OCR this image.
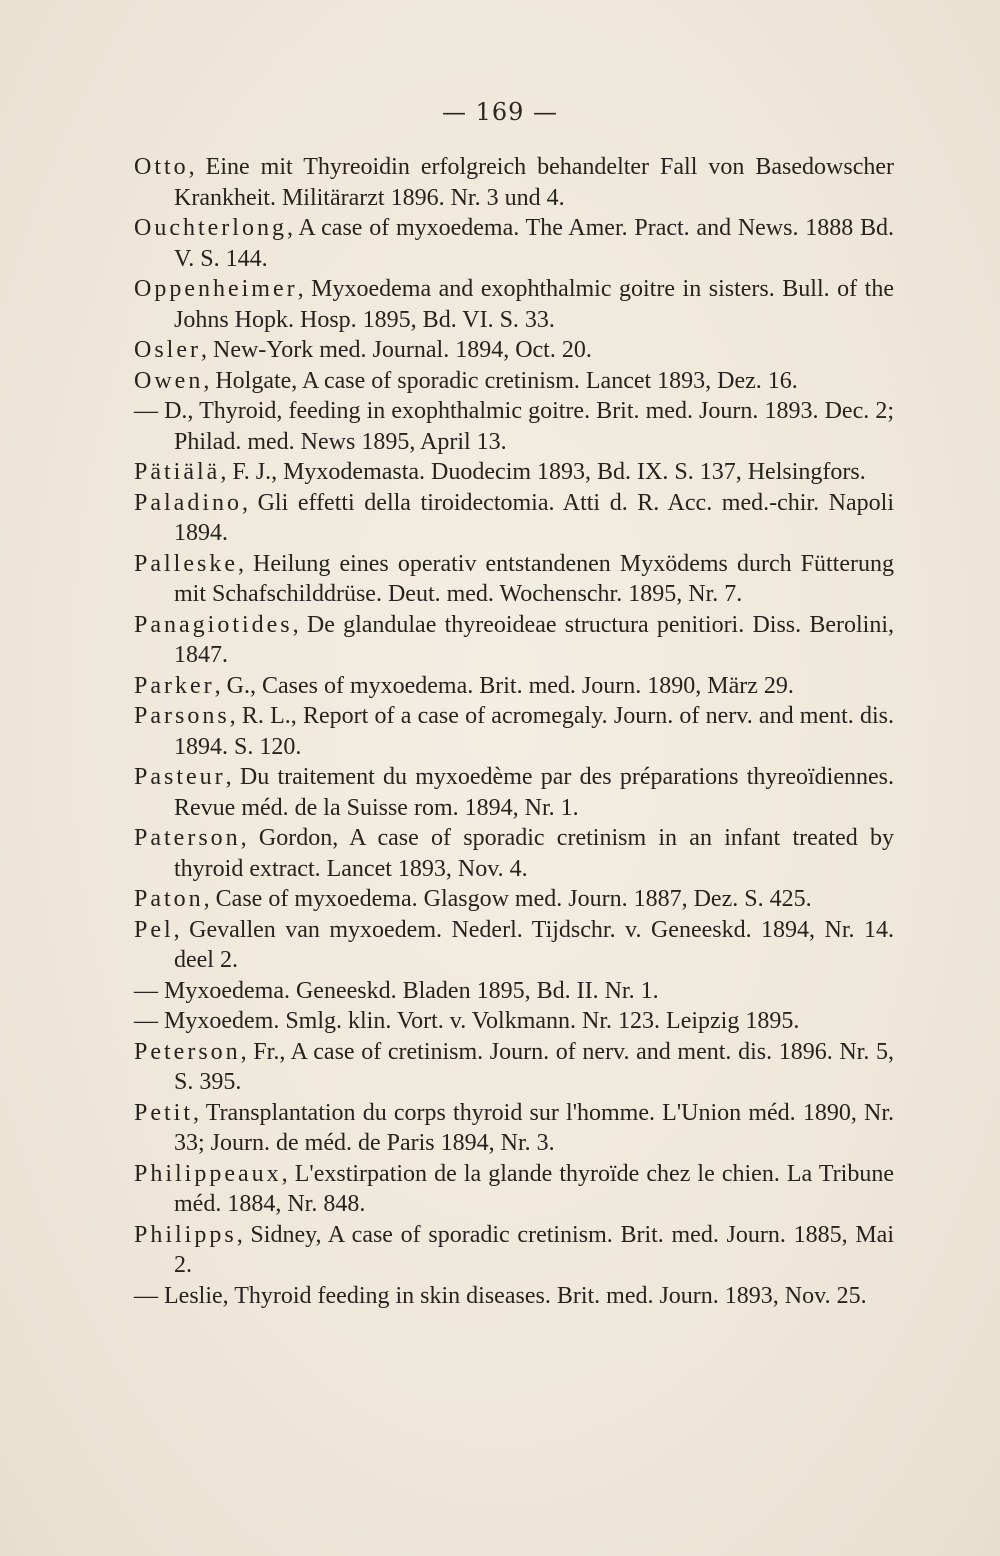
— 169 —

Otto, Eine mit Thyreoidin erfolgreich behandelter Fall von Basedowscher Krankheit. Militärarzt 1896. Nr. 3 und 4.

Ouchterlong, A case of myxoedema. The Amer. Pract. and News. 1888 Bd. V. S. 144.

Oppenheimer, Myxoedema and exophthalmic goitre in sisters. Bull. of the Johns Hopk. Hosp. 1895, Bd. VI. S. 33.

Osler, New-York med. Journal. 1894, Oct. 20.

Owen, Holgate, A case of sporadic cretinism. Lancet 1893, Dez. 16.

— D., Thyroid, feeding in exophthalmic goitre. Brit. med. Journ. 1893. Dec. 2; Philad. med. News 1895, April 13.

Pätiälä, F. J., Myxodemasta. Duodecim 1893, Bd. IX. S. 137, Helsingfors.

Paladino, Gli effetti della tiroidectomia. Atti d. R. Acc. med.-chir. Napoli 1894.

Palleske, Heilung eines operativ entstandenen Myxödems durch Fütterung mit Schafschilddrüse. Deut. med. Wochenschr. 1895, Nr. 7.

Panagiotides, De glandulae thyreoideae structura penitiori. Diss. Berolini, 1847.

Parker, G., Cases of myxoedema. Brit. med. Journ. 1890, März 29.

Parsons, R. L., Report of a case of acromegaly. Journ. of nerv. and ment. dis. 1894. S. 120.

Pasteur, Du traitement du myxoedème par des préparations thyreoïdiennes. Revue méd. de la Suisse rom. 1894, Nr. 1.

Paterson, Gordon, A case of sporadic cretinism in an infant treated by thyroid extract. Lancet 1893, Nov. 4.

Paton, Case of myxoedema. Glasgow med. Journ. 1887, Dez. S. 425.

Pel, Gevallen van myxoedem. Nederl. Tijdschr. v. Geneeskd. 1894, Nr. 14. deel 2.

— Myxoedema. Geneeskd. Bladen 1895, Bd. II. Nr. 1.

— Myxoedem. Smlg. klin. Vort. v. Volkmann. Nr. 123. Leipzig 1895.

Peterson, Fr., A case of cretinism. Journ. of nerv. and ment. dis. 1896. Nr. 5, S. 395.

Petit, Transplantation du corps thyroid sur l'homme. L'Union méd. 1890, Nr. 33; Journ. de méd. de Paris 1894, Nr. 3.

Philippeaux, L'exstirpation de la glande thyroïde chez le chien. La Tribune méd. 1884, Nr. 848.

Philipps, Sidney, A case of sporadic cretinism. Brit. med. Journ. 1885, Mai 2.

— Leslie, Thyroid feeding in skin diseases. Brit. med. Journ. 1893, Nov. 25.
